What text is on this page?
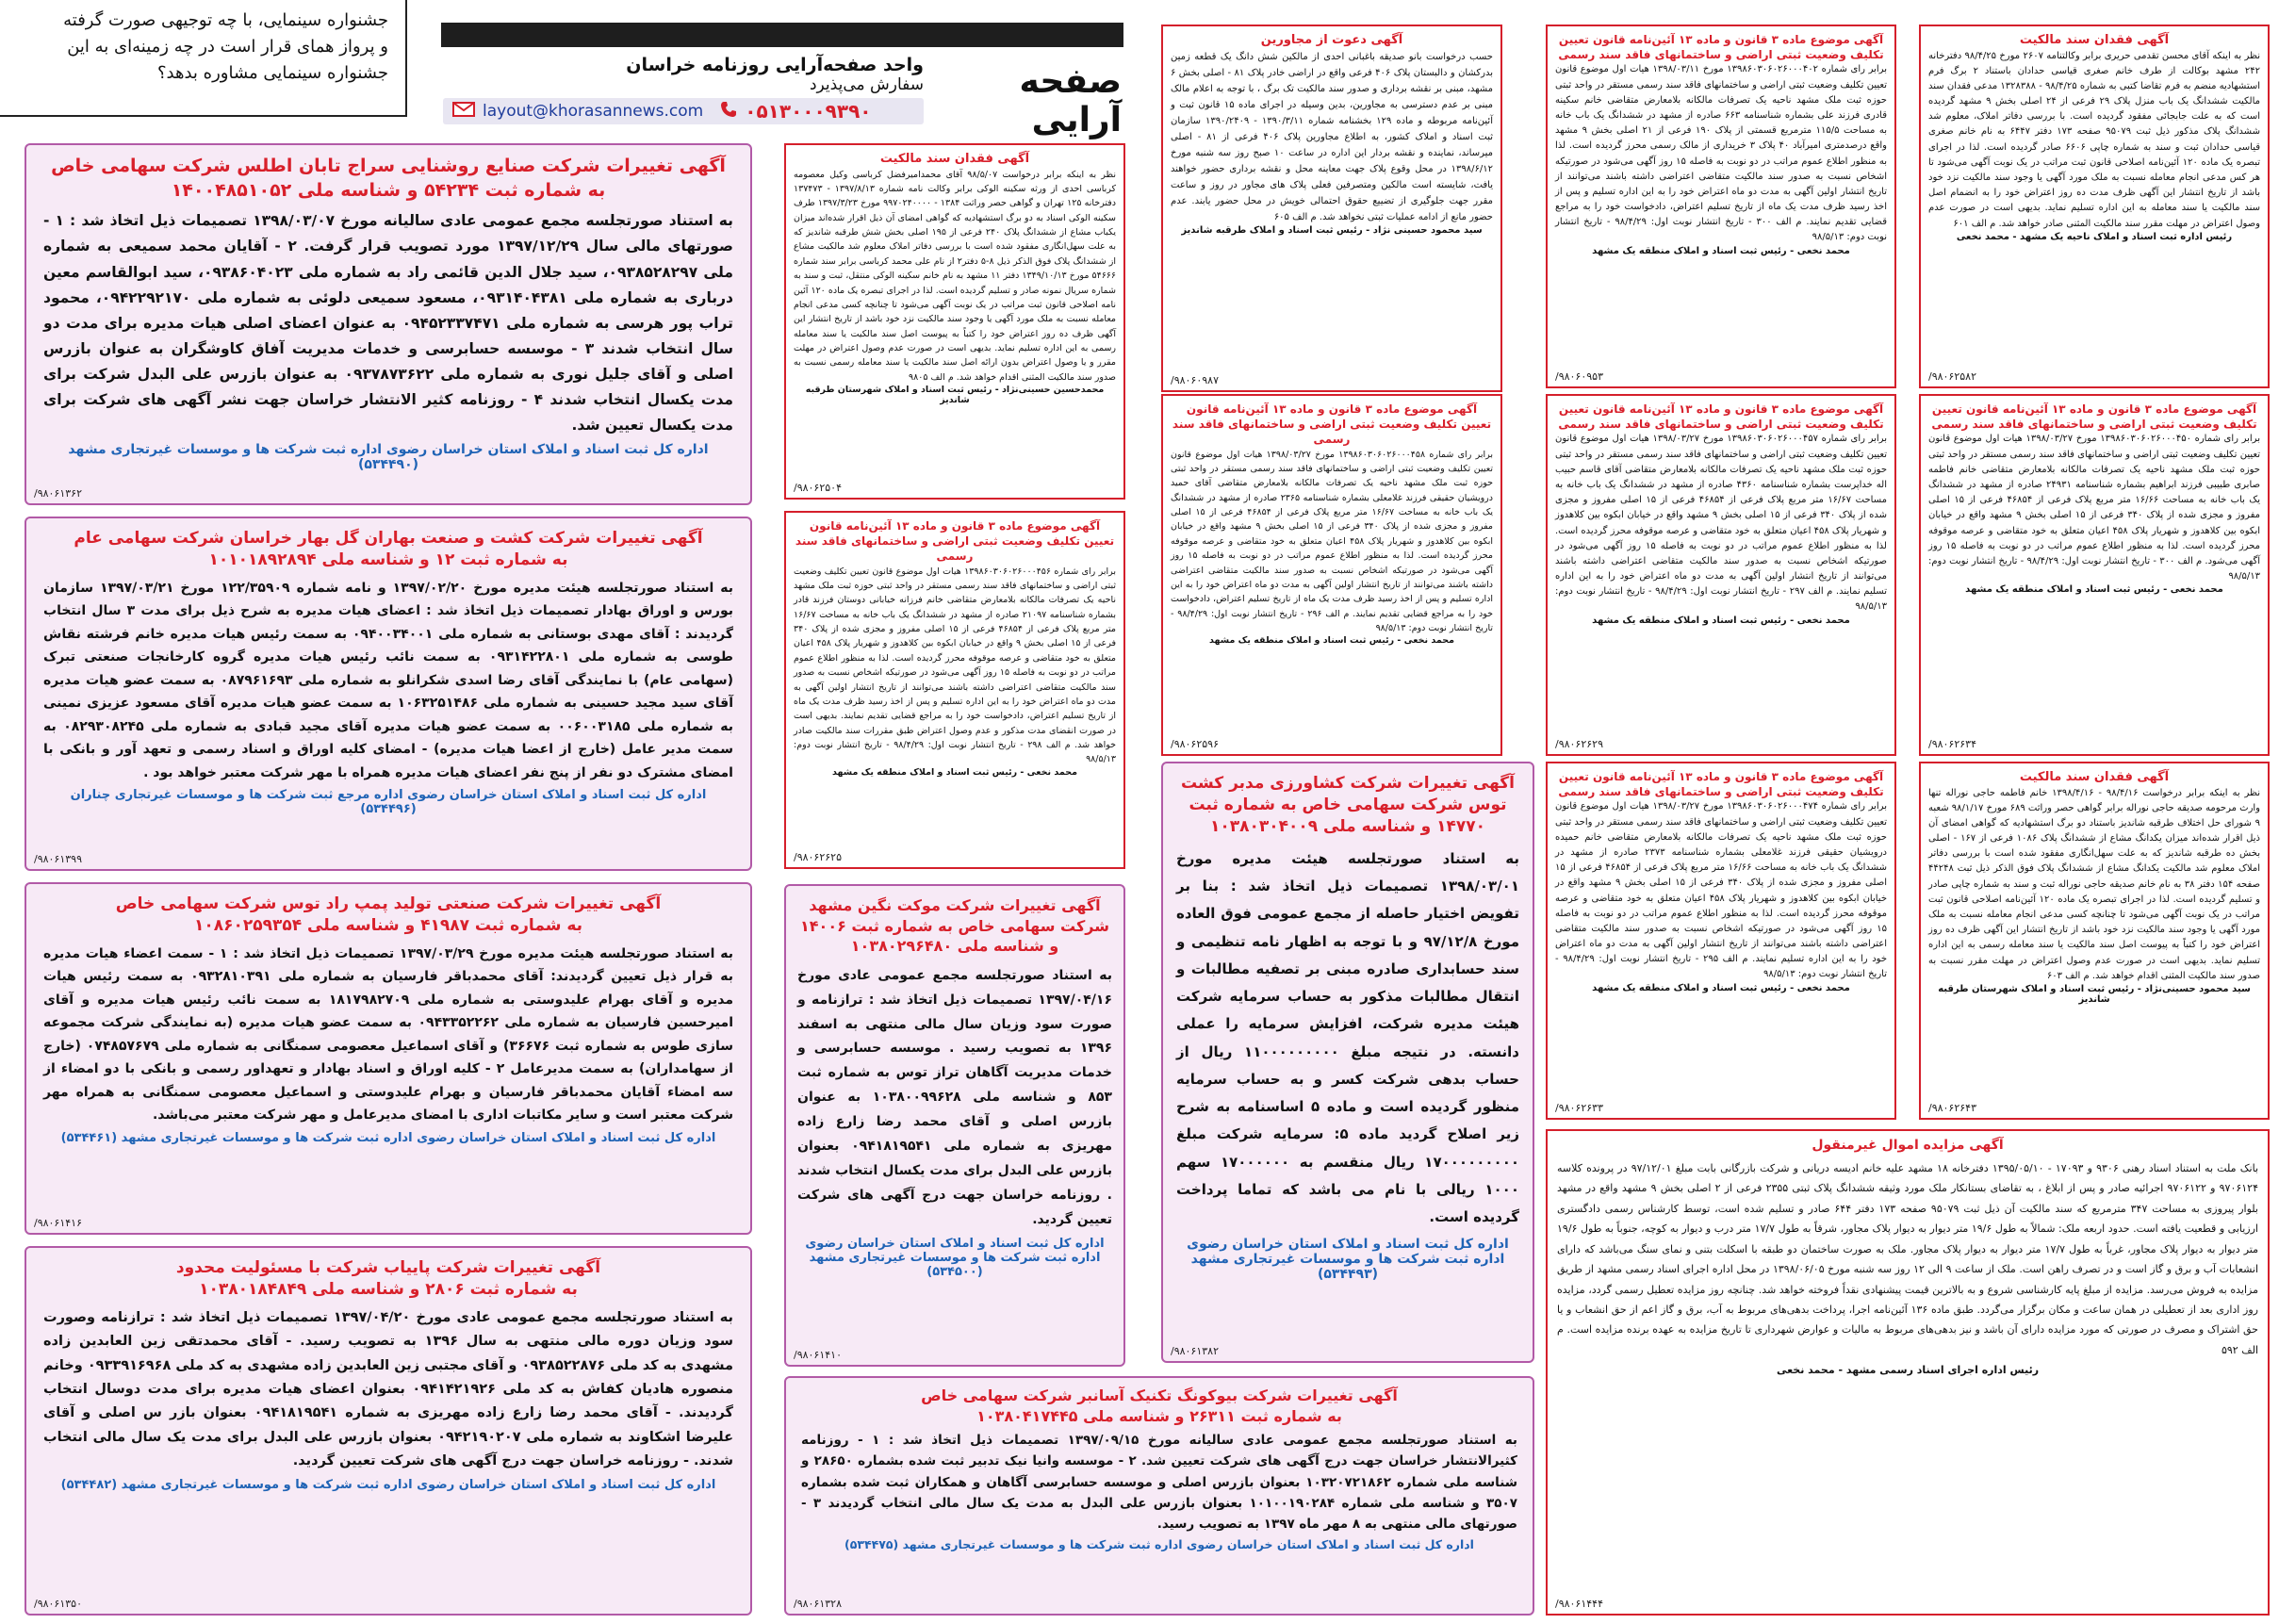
جشنواره سینمایی، با چه توجیهی صورت گرفته
و پرواز همای قرار است در چه زمینه‌ای به این
جشنواره سینمایی مشاوره بدهد؟	صفحه آرایی
واحد صفحه‌آرایی روزنامه خراسان
سفارش می‌پذیرد
layout@khorasannews.com ۰۵۱۳۰۰۰۹۳۹۰
آگهی تغییرات شرکت صنایع روشنایی سراج تابان اطلس شرکت سهامی خاص
به شماره ثبت ۵۴۲۳۴ و شناسه ملی ۱۴۰۰۴۸۵۱۰۵۲
به استناد صورتجلسه مجمع عمومی عادی سالیانه مورخ ۱۳۹۸/۰۳/۰۷ تصمیمات ذیل اتخاذ شد : ۱ - صورتهای مالی سال ۱۳۹۷/۱۲/۲۹ مورد تصویب قرار گرفت. ۲ - آقایان محمد سمیعی به شماره ملی ۰۹۳۸۵۲۸۲۹۷، سید جلال الدین قائمی راد به شماره ملی ۰۹۳۸۶۰۴۰۲۳، سید ابوالقاسم معین درباری به شماره ملی ۰۹۳۱۴۰۴۳۸۱، مسعود سمیعی دلوئی به شماره ملی ۰۹۴۲۲۹۲۱۷۰، محمود تراب پور هرسی به شماره ملی ۰۹۴۵۲۳۳۷۴۷۱ به عنوان اعضای اصلی هیات مدیره برای مدت دو سال انتخاب شدند ۳ - موسسه حسابرسی و خدمات مدیریت آفاق کاوشگران به عنوان بازرس اصلی و آقای جلیل نوری به شماره ملی ۰۹۳۷۸۷۳۶۲۲ به عنوان بازرس علی البدل شرکت برای مدت یکسال انتخاب شدند ۴ - روزنامه کثیر الانتشار خراسان جهت نشر آگهی های شرکت برای مدت یکسال تعیین شد.
اداره کل ثبت اسناد و املاک استان خراسان رضوی اداره ثبت شرکت ها و موسسات غیرتجاری مشهد (۵۳۴۴۹۰)
/۹۸۰۶۱۳۶۲
آگهی تغییرات شرکت کشت و صنعت بهاران گل بهار خراسان شرکت سهامی عام
به شماره ثبت ۱۲ و شناسه ملی ۱۰۱۰۱۸۹۲۸۹۴
به استناد صورتجلسه هیئت مدیره مورخ ۱۳۹۷/۰۲/۲۰ و نامه شماره ۱۲۲/۳۵۹۰۹ مورخ ۱۳۹۷/۰۳/۲۱ سازمان بورس و اوراق بهادار تصمیمات ذیل اتخاذ شد : اعضای هیات مدیره به شرح ذیل برای مدت ۳ سال انتخاب گردیدند : آقای مهدی بوستانی به شماره ملی ۰۹۴۰۰۳۴۰۰۱ به سمت رئیس هیات مدیره خانم فرشته نقاش طوسی به شماره ملی ۰۹۳۱۴۲۲۸۰۱ به سمت نائب رئیس هیات مدیره گروه کارخانجات صنعتی تبرک (سهامی عام) با نمایندگی آقای رضا اسدی شکرانلو به شماره ملی ۰۸۷۹۶۱۶۹۳ به سمت عضو هیات مدیره آقای سید مجید حسینی به شماره ملی ۱۰۶۳۲۵۱۴۸۶ به سمت عضو هیات مدیره آقای مسعود عزیزی نمینی به شماره ملی ۰۰۶۰۰۳۱۸۵ به سمت عضو هیات مدیره آقای مجید قبادی به شماره ملی ۰۸۲۹۳۰۸۲۴۵ به سمت مدیر عامل (خارج از اعضا هیات مدیره) - امضای کلیه اوراق و اسناد رسمی و تعهد آور و بانکی با امضای مشترک دو نفر از پنج نفر اعضای هیات مدیره همراه با مهر شرکت معتبر خواهد بود .
اداره کل ثبت اسناد و املاک استان خراسان رضوی اداره مرجع ثبت شرکت ها و موسسات غیرتجاری چناران (۵۳۴۴۹۶)
/۹۸۰۶۱۳۹۹
آگهی تغییرات شرکت صنعتی تولید پمپ راد توس شرکت سهامی خاص
به شماره ثبت ۴۱۹۸۷ و شناسه ملی ۱۰۸۶۰۲۵۹۳۵۴
به استناد صورتجلسه هیئت مدیره مورخ ۱۳۹۷/۰۳/۲۹ تصمیمات ذیل اتخاذ شد : ۱ - سمت اعضاء هیات مدیره به قرار ذیل تعیین گردیدند: آقای محمدباقر فارسیان به شماره ملی ۰۹۳۲۸۱۰۳۹۱ به سمت رئیس هیات مدیره و آقای بهرام علیدوستی به شماره ملی ۱۸۱۷۹۸۲۷۰۹ به سمت نائب رئیس هیات مدیره و آقای امیرحسین فارسیان به شماره ملی ۰۹۴۳۳۵۲۲۶۲ به سمت عضو هیات مدیره (به نمایندگی شرکت مجموعه سازی طوس به شماره ثبت ۳۶۶۷۶) و آقای اسماعیل معصومی سمنگانی به شماره ملی ۰۷۴۸۵۷۶۷۹ (خارج از سهامداران) به سمت مدیرعامل ۲ - کلیه اوراق و اسناد بهادار و تعهداور رسمی و بانکی با دو امضاء از سه امضاء آقایان محمدباقر فارسیان و بهرام علیدوستی و اسماعیل معصومی سمنگانی به همراه مهر شرکت معتبر است و سایر مکاتبات اداری با امضای مدیرعامل و مهر شرکت معتبر می‌باشد.
اداره کل ثبت اسناد و املاک استان خراسان رضوی اداره ثبت شرکت ها و موسسات غیرتجاری مشهد (۵۳۴۴۶۱)
/۹۸۰۶۱۴۱۶
آگهی تغییرات شرکت پاییاب شرکت با مسئولیت محدود
به شماره ثبت ۲۸۰۶ و شناسه ملی ۱۰۳۸۰۱۸۴۸۴۹
به استناد صورتجلسه مجمع عمومی عادی مورخ ۱۳۹۷/۰۴/۲۰ تصمیمات ذیل اتخاذ شد : ترازنامه وصورت سود وزیان دوره مالی منتهی به سال ۱۳۹۶ به تصویب رسید. - آقای محمدتقی زین العابدین زاده مشهدی به کد ملی ۰۹۳۸۵۲۲۸۷۶ و آقای مجتبی زین العابدین زاده مشهدی به کد ملی ۰۹۳۳۹۱۶۹۶۸ وخانم منصوره هادیان کفاش به کد ملی ۰۹۴۱۴۲۱۹۲۶ بعنوان اعضای هیات مدیره برای مدت دوسال انتخاب گردیدند. - آقای محمد رضا زارع زاده مهریزی به شماره ۰۹۴۱۸۱۹۵۴۱ بعنوان بازر س اصلی و آقای علیرضا اشکاوند به شماره ملی ۰۹۴۲۱۹۰۲۰۷ بعنوان بازرس علی البدل برای مدت یک سال مالی انتخاب شدند. - روزنامه خراسان جهت درج آگهی های شرکت تعیین گردید.
اداره کل ثبت اسناد و املاک استان خراسان رضوی اداره ثبت شرکت ها و موسسات غیرتجاری مشهد (۵۳۴۴۸۲)
/۹۸۰۶۱۳۵۰
آگهی فقدان سند مالکیت
نظر به اینکه برابر درخواست ۹۸/۵/۰۷ آقای محمدامیرفضل کرباسی وکیل معصومه کرباسی احدی از ورثه سکینه الوکی برابر وکالت نامه شماره ۱۳۹۷/۸/۱۳ - ۱۳۷۴۷۳ دفترخانه ۱۲۵ تهران و گواهی حصر وراثت ۱۳۸۴ - ۹۹۷۰۲۴۰۰۰۰ مورخ ۱۳۹۷/۳/۲۳ طرف سکینه الوکی اسناد به دو برگ استشهادیه که گواهی امضای آن ذیل اقرار شده‌اند میزان یکباب مشاع از ششدانگ پلاک ۲۴۰ فرعی از ۱۹۵ اصلی بخش شش طرقبه شاندیز که به علت سهل‌انگاری مفقود شده است با بررسی دفاتر املاک معلوم شد مالکیت مشاع از ششدانگ پلاک فوق الذکر ذیل ۸-۵ دفتر۲ از نام علی محمد کرباسی برابر سند شماره ۵۴۶۶۶ مورخ ۱۳۴۹/۱۰/۱۳ دفتر ۱۱ مشهد به نام خانم سکینه الوکی منتقل، ثبت و سند به شماره سریال نمونه صادر و تسلیم گردیده است. لذا در اجرای تبصره یک ماده ۱۲۰ آئین نامه اصلاحی قانون ثبت مراتب در یک نوبت آگهی می‌شود تا چنانچه کسی مدعی انجام معامله نسبت به ملک مورد آگهی یا وجود سند مالکیت نزد خود باشد از تاریخ انتشار این آگهی ظرف ده روز اعتراض خود را کتباً به پیوست اصل سند مالکیت یا سند معامله رسمی به این اداره تسلیم نماید. بدیهی است در صورت عدم وصول اعتراض در مهلت مقرر و یا وصول اعتراض بدون ارائه اصل سند مالکیت یا سند معامله رسمی نسبت به صدور سند مالکیت المثنی اقدام خواهد شد. م الف ۹۸۰۵
محمدحسین حسینی‌نژاد - رئیس ثبت اسناد و املاک شهرستان طرقبه شاندیز
/۹۸۰۶۲۵۰۴
آگهی موضوع ماده ۳ قانون و ماده ۱۳ آئین‌نامه قانون تعیین تکلیف وضعیت ثبتی اراضی و ساختمانهای فاقد سند رسمی
برابر رای شماره ۱۳۹۸۶۰۳۰۶۰۲۶۰۰۰۴۵۶ هیات اول موضوع قانون تعیین تکلیف وضعیت ثبتی اراضی و ساختمانهای فاقد سند رسمی مستقر در واحد ثبتی حوزه ثبت ملک مشهد ناحیه یک تصرفات مالکانه بلامعارض متقاضی خانم فرزانه خیابانی دوستان فرزند قادر بشماره شناسنامه ۲۱۰۹۷ صادره از مشهد در ششدانگ یک باب خانه به مساحت ۱۶/۶۷ متر مربع پلاک فرعی از ۴۶۸۵۴ فرعی از ۱۵ اصلی مفروز و مجزی شده از پلاک ۳۴۰ فرعی از ۱۵ اصلی بخش ۹ واقع در خیابان ابکوه بین کلاهدوز و شهریار پلاک ۴۵۸ اعیان متعلق به خود متقاضی و عرصه موقوفه محرز گردیده است. لذا به منظور اطلاع عموم مراتب در دو نوبت به فاصله ۱۵ روز آگهی می‌شود در صورتیکه اشخاص نسبت به صدور سند مالکیت متقاضی اعتراضی داشته باشند می‌توانند از تاریخ انتشار اولین آگهی به مدت دو ماه اعتراض خود را به این اداره تسلیم و پس از اخذ رسید ظرف مدت یک ماه از تاریخ تسلیم اعتراض، دادخواست خود را به مراجع قضایی تقدیم نمایند. بدیهی است در صورت انقضای مدت مذکور و عدم وصول اعتراض طبق مقررات سند مالکیت صادر خواهد شد. م الف ۲۹۸ - تاریخ انتشار نوبت اول: ۹۸/۴/۲۹ - تاریخ انتشار نوبت دوم: ۹۸/۵/۱۳
محمد نخعی - رئیس ثبت اسناد و املاک منطقه یک مشهد
/۹۸۰۶۲۶۲۵
آگهی تغییرات شرکت موکت نگین مشهد شرکت سهامی خاص به شماره ثبت ۱۴۰۰۶ و شناسه ملی ۱۰۳۸۰۲۹۶۴۸۰
به استناد صورتجلسه مجمع عمومی عادی مورخ ۱۳۹۷/۰۴/۱۶ تصمیمات ذیل اتخاذ شد : ترازنامه و صورت سود وزیان سال مالی منتهی به اسفند ۱۳۹۶ به تصویب رسید . موسسه حسابرسی و خدمات مدیریت آگاهان تراز توس به شماره ثبت ۸۵۳ و شناسه ملی ۱۰۳۸۰۰۹۹۶۲۸ به عنوان بازرس اصلی و آقای محمد رضا زارع زاده مهریزی به شماره ملی ۰۹۴۱۸۱۹۵۴۱ بعنوان بازرس علی البدل برای مدت یکسال انتخاب شدند . روزنامه خراسان جهت درج آگهی های شرکت تعیین گردید.
اداره کل ثبت اسناد و املاک استان خراسان رضوی اداره ثبت شرکت ها و موسسات غیرتجاری مشهد (۵۳۴۵۰۰)
/۹۸۰۶۱۴۱۰
آگهی تغییرات شرکت بیوکونگ تکنیک آسانبر شرکت سهامی خاص
به شماره ثبت ۲۶۳۱۱ و شناسه ملی ۱۰۳۸۰۴۱۷۴۴۵
به استناد صورتجلسه مجمع عمومی عادی سالیانه مورخ ۱۳۹۷/۰۹/۱۵ تصمیمات ذیل اتخاذ شد : ۱ - روزنامه کثیرالانتشار خراسان جهت درج آگهی های شرکت تعیین شد. ۲ - موسسه وانیا نیک تدبیر ثبت شده بشماره ۲۸۶۵۰ و شناسه ملی شماره ۱۰۳۲۰۷۲۱۸۶۲ بعنوان بازرس اصلی و موسسه حسابرسی آگاهان و همکاران ثبت شده بشماره ۳۵۰۷ و شناسه ملی شماره ۱۰۱۰۰۱۹۰۲۸۴ بعنوان بازرس علی البدل به مدت یک سال مالی انتخاب گردیدند ۳ - صورتهای مالی منتهی به ۸ مهر ماه ۱۳۹۷ به تصویب رسید.
اداره کل ثبت اسناد و املاک استان خراسان رضوی اداره ثبت شرکت ها و موسسات غیرتجاری مشهد (۵۳۴۴۷۵)
/۹۸۰۶۱۳۲۸
آگهی دعوت از مجاورین
حسب درخواست بانو صدیقه باغبانی احدی از مالکین شش دانگ یک قطعه زمین بدرکشان و دالبستان پلاک ۴۰۶ فرعی واقع در اراضی خادر پلاک ۸۱ - اصلی بخش ۶ مشهد، مبنی بر نقشه برداری و صدور سند مالکیت تک برگ ، با توجه به اعلام مالک مبنی بر عدم دسترسی به مجاورین، بدین وسیله در اجرای ماده ۱۵ قانون ثبت و آئین‌نامه مربوطه و ماده ۱۲۹ بخشنامه شماره ۱۳۹۰/۳/۱۱ - ۱۳۹۰/۲۴۰۹ سازمان ثبت اسناد و املاک کشور، به اطلاع مجاورین پلاک ۴۰۶ فرعی از ۸۱ - اصلی میرساند، نماینده و نقشه بردار این اداره در ساعت ۱۰ صبح روز سه شنبه مورخ ۱۳۹۸/۶/۱۲ در محل وقوع پلاک جهت معاینه محل و نقشه برداری حضور خواهند یافت، شایسته است مالکین ومتصرفین فعلی پلاک های مجاور در روز و ساعت مقرر جهت جلوگیری از تضییع حقوق احتمالی خویش در محل حضور یابند. عدم حضور مانع از ادامه عملیات ثبتی نخواهد شد. م الف ۶۰۵
سید محمود حسینی نژاد - رئیس ثبت اسناد و املاک طرقبه شاندیز
/۹۸۰۶۰۹۸۷
آگهی موضوع ماده ۳ قانون و ماده ۱۳ آئین‌نامه قانون تعیین تکلیف وضعیت ثبتی اراضی و ساختمانهای فاقد سند رسمی
برابر رای شماره ۱۳۹۸۶۰۳۰۶۰۲۶۰۰۰۴۵۸ مورخ ۱۳۹۸/۰۳/۲۷ هیات اول موضوع قانون تعیین تکلیف وضعیت ثبتی اراضی و ساختمانهای فاقد سند رسمی مستقر در واحد ثبتی حوزه ثبت ملک مشهد ناحیه یک تصرفات مالکانه بلامعارض متقاضی آقای حمید درویشیان حقیقی فرزند غلامعلی بشماره شناسنامه ۲۳۶۵ صادره از مشهد در ششدانگ یک باب خانه به مساحت ۱۶/۶۷ متر مربع پلاک فرعی از ۴۶۸۵۴ فرعی از ۱۵ اصلی مفروز و مجزی شده از پلاک ۳۴۰ فرعی از ۱۵ اصلی بخش ۹ مشهد واقع در خیابان ابکوه بین کلاهدوز و شهریار پلاک ۴۵۸ اعیان متعلق به خود متقاضی و عرصه موقوفه محرز گردیده است. لذا به منظور اطلاع عموم مراتب در دو نوبت به فاصله ۱۵ روز آگهی می‌شود در صورتیکه اشخاص نسبت به صدور سند مالکیت متقاضی اعتراضی داشته باشند می‌توانند از تاریخ انتشار اولین آگهی به مدت دو ماه اعتراض خود را به این اداره تسلیم و پس از اخذ رسید ظرف مدت یک ماه از تاریخ تسلیم اعتراض، دادخواست خود را به مراجع قضایی تقدیم نمایند. م الف ۲۹۶ - تاریخ انتشار نوبت اول: ۹۸/۴/۲۹ - تاریخ انتشار نوبت دوم: ۹۸/۵/۱۳
محمد نخعی - رئیس ثبت اسناد و املاک منطقه یک مشهد
/۹۸۰۶۲۵۹۶
آگهی تغییرات شرکت کشاورزی مدبر کشت توس شرکت سهامی خاص به شماره ثبت ۱۴۷۷۰ و شناسه ملی ۱۰۳۸۰۳۰۴۰۰۹
به استناد صورتجلسه هیئت مدیره مورخ ۱۳۹۸/۰۳/۰۱ تصمیمات ذیل اتخاذ شد : بنا بر تفویض اختیار حاصله از مجمع عمومی فوق العاده مورخ ۹۷/۱۲/۸ و با توجه به اظهار نامه تنظیمی و سند حسابداری صادره مبنی بر تصفیه مطالبات و انتقال مطالبات مذکور به حساب سرمایه شرکت هیئت مدیره شرکت، افزایش سرمایه را عملی دانسته. در نتیجه مبلغ ۱۱۰۰۰۰۰۰۰۰۰ ریال از حساب بدهی شرکت کسر و به حساب سرمایه منظور گردیده است و ماده ۵ اساسنامه به شرح زیر اصلاح گردید ماده ۵: سرمایه شرکت مبلغ ۱۷۰۰۰۰۰۰۰۰۰ ریال منقسم به ۱۷۰۰۰۰۰۰ سهم ۱۰۰۰ ریالی با نام می باشد که تماما پرداخت گردیده است.
اداره کل ثبت اسناد و املاک استان خراسان رضوی اداره ثبت شرکت ها و موسسات غیرتجاری مشهد (۵۳۴۴۹۳)
/۹۸۰۶۱۳۸۲
آگهی موضوع ماده ۳ قانون و ماده ۱۳ آئین‌نامه قانون تعیین تکلیف وضعیت ثبتی اراضی و ساختمانهای فاقد سند رسمی
برابر رای شماره ۱۳۹۸۶۰۳۰۶۰۲۶۰۰۰۴۰۲ مورخ ۱۳۹۸/۰۳/۱۱ هیات اول موضوع قانون تعیین تکلیف وضعیت ثبتی اراضی و ساختمانهای فاقد سند رسمی مستقر در واحد ثبتی حوزه ثبت ملک مشهد ناحیه یک تصرفات مالکانه بلامعارض متقاضی خانم سکینه قادری فرزند علی بشماره شناسنامه ۶۶۳ صادره از مشهد در ششدانگ یک باب خانه به مساحت ۱۱۵/۵ مترمربع قسمتی از پلاک ۱۹۰ فرعی از ۲۱ اصلی بخش ۹ مشهد واقع درصدمتری امیرآباد ۴۰ پلاک ۳ خریداری از مالک رسمی محرز گردیده است. لذا به منظور اطلاع عموم مراتب در دو نوبت به فاصله ۱۵ روز آگهی می‌شود در صورتیکه اشخاص نسبت به صدور سند مالکیت متقاضی اعتراضی داشته باشند می‌توانند از تاریخ انتشار اولین آگهی به مدت دو ماه اعتراض خود را به این اداره تسلیم و پس از اخذ رسید ظرف مدت یک ماه از تاریخ تسلیم اعتراض، دادخواست خود را به مراجع قضایی تقدیم نمایند. م الف ۳۰۰ - تاریخ انتشار نوبت اول: ۹۸/۴/۲۹ - تاریخ انتشار نوبت دوم: ۹۸/۵/۱۳
محمد نخعی - رئیس ثبت اسناد و املاک منطقه یک مشهد
/۹۸۰۶۰۹۵۳
آگهی موضوع ماده ۳ قانون و ماده ۱۳ آئین‌نامه قانون تعیین تکلیف وضعیت ثبتی اراضی و ساختمانهای فاقد سند رسمی
برابر رای شماره ۱۳۹۸۶۰۳۰۶۰۲۶۰۰۰۴۵۷ مورخ ۱۳۹۸/۰۳/۲۷ هیات اول موضوع قانون تعیین تکلیف وضعیت ثبتی اراضی و ساختمانهای فاقد سند رسمی مستقر در واحد ثبتی حوزه ثبت ملک مشهد ناحیه یک تصرفات مالکانه بلامعارض متقاضی آقای قاسم حبیب اله خداپرست بشماره شناسنامه ۴۳۶۰ صادره از مشهد در ششدانگ یک باب خانه به مساحت ۱۶/۶۷ متر مربع پلاک فرعی از ۴۶۸۵۴ فرعی از ۱۵ اصلی مفروز و مجزی شده از پلاک ۳۴۰ فرعی از ۱۵ اصلی بخش ۹ مشهد واقع در خیابان ابکوه بین کلاهدوز و شهریار پلاک ۴۵۸ اعیان متعلق به خود متقاضی و عرصه موقوفه محرز گردیده است. لذا به منظور اطلاع عموم مراتب در دو نوبت به فاصله ۱۵ روز آگهی می‌شود در صورتیکه اشخاص نسبت به صدور سند مالکیت متقاضی اعتراضی داشته باشند می‌توانند از تاریخ انتشار اولین آگهی به مدت دو ماه اعتراض خود را به این اداره تسلیم نمایند. م الف ۲۹۷ - تاریخ انتشار نوبت اول: ۹۸/۴/۲۹ - تاریخ انتشار نوبت دوم: ۹۸/۵/۱۳
محمد نخعی - رئیس ثبت اسناد و املاک منطقه یک مشهد
/۹۸۰۶۲۶۲۹
آگهی موضوع ماده ۳ قانون و ماده ۱۳ آئین‌نامه قانون تعیین تکلیف وضعیت ثبتی اراضی و ساختمانهای فاقد سند رسمی
برابر رای شماره ۱۳۹۸۶۰۳۰۶۰۲۶۰۰۰۴۷۴ مورخ ۱۳۹۸/۰۳/۲۷ هیات اول موضوع قانون تعیین تکلیف وضعیت ثبتی اراضی و ساختمانهای فاقد سند رسمی مستقر در واحد ثبتی حوزه ثبت ملک مشهد ناحیه یک تصرفات مالکانه بلامعارض متقاضی خانم حمیده درویشیان حقیقی فرزند غلامعلی بشماره شناسنامه ۲۳۷۳ صادره از مشهد در ششدانگ یک باب خانه به مساحت ۱۶/۶۶ متر مربع پلاک فرعی از ۴۶۸۵۴ فرعی از ۱۵ اصلی مفروز و مجزی شده از پلاک ۳۴۰ فرعی از ۱۵ اصلی بخش ۹ مشهد واقع در خیابان ابکوه بین کلاهدوز و شهریار پلاک ۴۵۸ اعیان متعلق به خود متقاضی و عرصه موقوفه محرز گردیده است. لذا به منظور اطلاع عموم مراتب در دو نوبت به فاصله ۱۵ روز آگهی می‌شود در صورتیکه اشخاص نسبت به صدور سند مالکیت متقاضی اعتراضی داشته باشند می‌توانند از تاریخ انتشار اولین آگهی به مدت دو ماه اعتراض خود را به این اداره تسلیم نمایند. م الف ۲۹۵ - تاریخ انتشار نوبت اول: ۹۸/۴/۲۹ - تاریخ انتشار نوبت دوم: ۹۸/۵/۱۳
محمد نخعی - رئیس ثبت اسناد و املاک منطقه یک مشهد
/۹۸۰۶۲۶۳۳
آگهی فقدان سند مالکیت
نظر به اینکه آقای محسن تقدمی حریری برابر وکالتنامه ۲۶۰۷ مورخ ۹۸/۴/۲۵ دفترخانه ۲۴۲ مشهد بوکالت از طرف خانم صغری قیاسی حدادان باستناد ۲ برگ فرم استشهادیه منضم به فرم تقاضا کتبی به شماره ۹۸/۴/۲۵ - ۱۳۲۸۳۸۸ مدعی فقدان سند مالکیت ششدانگ یک باب منزل پلاک ۲۹ فرعی از ۲۴ اصلی بخش ۹ مشهد گردیده است که به علت جابجائی مفقود گردیده است. با بررسی دفاتر املاک، معلوم شد ششدانگ پلاک مذکور ذیل ثبت ۹۵۰۷۹ صفحه ۱۷۳ دفتر ۶۴۴۷ به نام خانم صغری قیاسی حدادان ثبت و سند به شماره چاپی ۶۶۰۶ صادر گردیده است. لذا در اجرای تبصره یک ماده ۱۲۰ آئین‌نامه اصلاحی قانون ثبت مراتب در یک نوبت آگهی می‌شود تا هر کس مدعی انجام معامله نسبت به ملک مورد آگهی یا وجود سند مالکیت نزد خود باشد از تاریخ انتشار این آگهی ظرف مدت ده روز اعتراض خود را به انضمام اصل سند مالکیت یا سند معامله به این اداره تسلیم نماید. بدیهی است در صورت عدم وصول اعتراض در مهلت مقرر سند مالکیت المثنی صادر خواهد شد. م الف ۶۰۱
رئیس اداره ثبت اسناد و املاک ناحیه یک مشهد - محمد نخعی
/۹۸۰۶۲۵۸۲
آگهی موضوع ماده ۳ قانون و ماده ۱۳ آئین‌نامه قانون تعیین تکلیف وضعیت ثبتی اراضی و ساختمانهای فاقد سند رسمی
برابر رای شماره ۱۳۹۸۶۰۳۰۶۰۲۶۰۰۰۴۵۰ مورخ ۱۳۹۸/۰۳/۲۷ هیات اول موضوع قانون تعیین تکلیف وضعیت ثبتی اراضی و ساختمانهای فاقد سند رسمی مستقر در واحد ثبتی حوزه ثبت ملک مشهد ناحیه یک تصرفات مالکانه بلامعارض متقاضی خانم فاطمه صابری طبیبی فرزند ابراهیم بشماره شناسنامه ۲۴۹۳۱ صادره از مشهد در ششدانگ یک باب خانه به مساحت ۱۶/۶۶ متر مربع پلاک فرعی از ۴۶۸۵۴ فرعی از ۱۵ اصلی مفروز و مجزی شده از پلاک ۳۴۰ فرعی از ۱۵ اصلی بخش ۹ مشهد واقع در خیابان ابکوه بین کلاهدوز و شهریار پلاک ۴۵۸ اعیان متعلق به خود متقاضی و عرصه موقوفه محرز گردیده است. لذا به منظور اطلاع عموم مراتب در دو نوبت به فاصله ۱۵ روز آگهی می‌شود. م الف ۳۰۰ - تاریخ انتشار نوبت اول: ۹۸/۴/۲۹ - تاریخ انتشار نوبت دوم: ۹۸/۵/۱۳
محمد نخعی - رئیس ثبت اسناد و املاک منطقه یک مشهد
/۹۸۰۶۲۶۳۴
آگهی فقدان سند مالکیت
نظر به اینکه برابر درخواست ۹۸/۴/۱۶ - ۱۳۹۸/۴/۱۶ خانم فاطمه حاجی نوراله تنها وارث مرحومه صدیقه حاجی نوراله برابر گواهی حصر وراثت ۶۸۹ مورخ ۹۸/۱/۱۷ شعبه ۹ شورای حل اختلاف طرقبه شاندیز باستناد دو برگ استشهادیه که گواهی امضای آن ذیل اقرار شده‌اند میزان یکدانگ مشاع از ششدانگ پلاک ۱۰۸۶ فرعی از ۱۶۷ - اصلی بخش ده طرقبه شاندیز که به علت سهل‌انگاری مفقود شده است با بررسی دفاتر املاک معلوم شد مالکیت یکدانگ مشاع از ششدانگ پلاک فوق الذکر ذیل ثبت ۴۴۲۴۸ صفحه ۱۵۴ دفتر ۳۸ به نام خانم صدیقه حاجی نوراله ثبت و سند به شماره چاپی صادر و تسلیم گردیده است. لذا در اجرای تبصره یک ماده ۱۲۰ آئین‌نامه اصلاحی قانون ثبت مراتب در یک نوبت آگهی می‌شود تا چنانچه کسی مدعی انجام معامله نسبت به ملک مورد آگهی یا وجود سند مالکیت نزد خود باشد از تاریخ انتشار این آگهی ظرف ده روز اعتراض خود را کتباً به پیوست اصل سند مالکیت یا سند معامله رسمی به این اداره تسلیم نماید. بدیهی است در صورت عدم وصول اعتراض در مهلت مقرر نسبت به صدور سند مالکیت المثنی اقدام خواهد شد. م الف ۶۰۳
سید محمود حسینی‌نژاد - رئیس ثبت اسناد و املاک شهرستان طرقبه شاندیز
/۹۸۰۶۲۶۴۳
آگهی مزایده اموال غیرمنقول
بانک ملت به استناد اسناد رهنی ۹۳۰۶ و ۱۷۰۹۳ - ۱۳۹۵/۰۵/۱۰ دفترخانه ۱۸ مشهد علیه خانم ادیسه دریانی و شرکت بازرگانی بابت مبلغ ۹۷/۱۲/۰۱ در پرونده کلاسه ۹۷۰۶۱۲۴ و ۹۷۰۶۱۲۲ اجرائیه صادر و پس از ابلاغ ، به تقاضای بستانکار ملک مورد وثیقه ششدانگ پلاک ثبتی ۲۳۵۵ فرعی از ۲ اصلی بخش ۹ مشهد واقع در مشهد بلوار پیروزی به مساحت ۳۴۷ مترمربع که سند مالکیت آن ذیل ثبت ۹۵۰۷۹ صفحه ۱۷۳ دفتر ۶۴۴ صادر و تسلیم شده است، توسط کارشناس رسمی دادگستری ارزیابی و قطعیت یافته است. حدود اربعه ملک: شمالاً به طول ۱۹/۶ متر دیوار به دیوار پلاک مجاور، شرقاً به طول ۱۷/۷ متر درب و دیوار به کوچه، جنوباً به طول ۱۹/۶ متر دیوار به دیوار پلاک مجاور، غرباً به طول ۱۷/۷ متر دیوار به دیوار پلاک مجاور. ملک به صورت ساختمان دو طبقه با اسکلت بتنی و نمای سنگ می‌باشد که دارای انشعابات آب و برق و گاز است و در تصرف راهن است. ملک از ساعت ۹ الی ۱۲ روز سه شنبه مورخ ۱۳۹۸/۰۶/۰۵ در محل اداره اجرای اسناد رسمی مشهد از طریق مزایده به فروش می‌رسد. مزایده از مبلغ پایه کارشناسی شروع و به بالاترین قیمت پیشنهادی نقداً فروخته خواهد شد. چنانچه روز مزایده تعطیل رسمی گردد، مزایده روز اداری بعد از تعطیلی در همان ساعت و مکان برگزار می‌گردد. طبق ماده ۱۳۶ آئین‌نامه اجرا، پرداخت بدهی‌های مربوط به آب، برق و گاز اعم از حق انشعاب و یا حق اشتراک و مصرف در صورتی که مورد مزایده دارای آن باشد و نیز بدهی‌های مربوط به مالیات و عوارض شهرداری تا تاریخ مزایده به عهده برنده مزایده است. م الف ۵۹۲
رئیس اداره اجرای اسناد رسمی مشهد - محمد نخعی
/۹۸۰۶۱۴۴۴
